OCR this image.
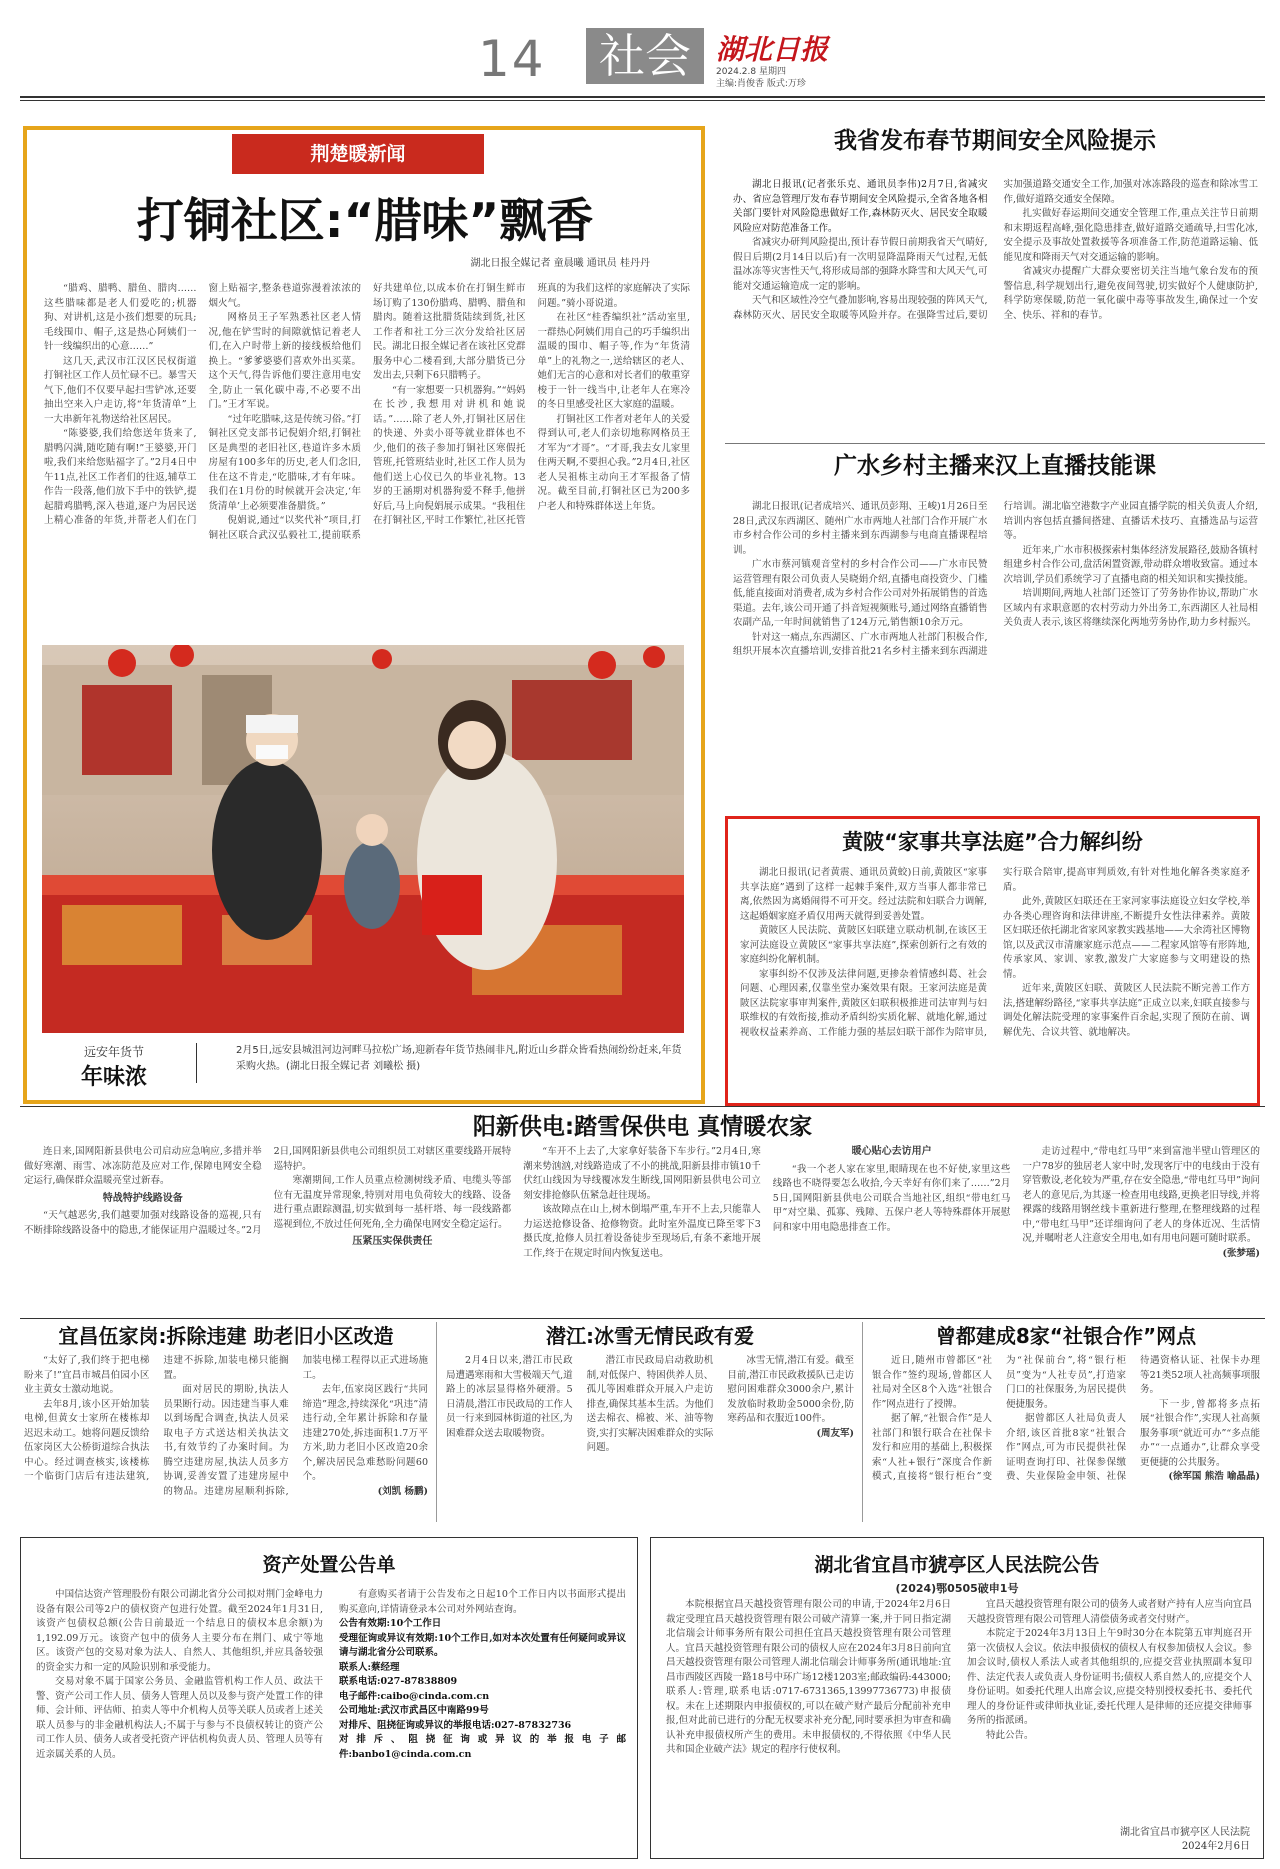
14 社会 湖北日报
2024.2.8 星期四
主编:肖俊香 版式:万珍
荆楚暖新闻
打铜社区:“腊味”飘香
湖北日报全媒记者 童晨曦 通讯员 桂丹丹

“腊鸡、腊鸭、腊鱼、腊肉……这些腊味都是老人们爱吃的;机器狗、对讲机,这是小孩们想要的玩具;毛线围巾、帽子,这是热心阿姨们一针一线编织出的心意……”

这几天,武汉市江汉区民权街道打铜社区工作人员忙碌不已。暴雪天气下,他们不仅要早起扫雪铲冰,还要抽出空来入户走访,将“年货清单”上一大串新年礼物送给社区居民。

“陈婆婆,我们给您送年货来了,腊鸭闪满,随吃随有啊!”王婆婆,开门啦,我们来给您贴福字了。”2月4日中午11点,社区工作者们的往返,辅草工作告一段落,他们放下手中的铁铲,提起腊鸡腊鸭,深入巷道,逐户为居民送上精心准备的年货,并帮老人们在门窗上贴福字,整条巷道弥漫着浓浓的烟火气。

网格员王子军熟悉社区老人情况,他在铲雪时的间隙就惦记着老人们,在入户时带上新的接线板给他们换上。“爹爹婆婆们喜欢外出买菜。这个天气,得告诉他们要注意用电安全,防止一氧化碳中毒,不必要不出门。”王才军说。

“过年吃腊味,这是传统习俗。”打铜社区党支部书记倪娟介绍,打铜社区是典型的老旧社区,巷道许多木质房屋有100多年的历史,老人们念旧,住在这不肯走,“吃腊味,才有年味。我们在1月份的时候就开会决定,‘年货清单’上必须要准备腊货。”

倪娟说,通过“以奖代补”项目,打铜社区联合武汉弘毅社工,提前联系好共建单位,以成本价在打铜生鲜市场订购了130份腊鸡、腊鸭、腊鱼和腊肉。随着这批腊货陆续到货,社区工作者和社工分三次分发给社区居民。湖北日报全媒记者在该社区党群服务中心二楼看到,大部分腊货已分发出去,只剩下6只腊鸭子。

“有一家想要一只机器狗。”“妈妈在长沙,我想用对讲机和她说话。”……除了老人外,打铜社区居住的快递、外卖小哥等就业群体也不少,他们的孩子参加打铜社区寒假托管班,托管班结业时,社区工作人员为他们送上心仪已久的毕业礼物。13岁的王涵期对机器狗爱不释手,他拼好后,马上向倪娟展示成果。“我租住在打铜社区,平时工作繁忙,社区托管班真的为我们这样的家庭解决了实际问题。”骑小哥说道。

在社区“桂香编织社”活动室里,一群热心阿姨们用自己的巧手编织出温暖的围巾、帽子等,作为“年货清单”上的礼物之一,送给辖区的老人、她们无言的心意和对长者们的敬重穿梭于一针一线当中,让老年人在寒冷的冬日里感受社区大家庭的温暖。

打铜社区工作者对老年人的关爱得到认可,老人们亲切地称网格员王才军为“才哥”。“才哥,我去女儿家里住两天啊,不要担心我。”2月4日,社区老人吴祖栋主动向王才军报备了情况。截至目前,打铜社区已为200多户老人和特殊群体送上年货。

远安年货节
年味浓
2月5日,远安县城沮河边河畔马拉松广场,迎新春年货节热闹非凡,附近山乡群众皆看热闹纷纷赶来,年货采购火热。(湖北日报全媒记者 刘曦松 摄)
我省发布春节期间安全风险提示

湖北日报讯(记者张乐克、通讯员李伟)2月7日,省减灾办、省应急管理厅发布春节期间安全风险提示,全省各地各相关部门要针对风险隐患做好工作,森林防灭火、居民安全取暖风险应对防范准备工作。

省减灾办研判风险提出,预计春节假日前期我省天气晴好,假日后期(2月14日以后)有一次明显降温降雨天气过程,无低温冰冻等灾害性天气,将形成局部的强降水降雪和大风天气,可能对交通运输造成一定的影响。

天气和区域性冷空气叠加影响,容易出现较强的阵风天气,森林防灭火、居民安全取暖等风险并存。在强降雪过后,要切实加强道路交通安全工作,加强对冰冻路段的巡查和除冰雪工作,做好道路交通安全保障。

扎实做好春运期间交通安全管理工作,重点关注节日前期和末期返程高峰,强化隐患排查,做好道路交通疏导,扫雪化冰,安全提示及事故处置救援等各项准备工作,防范道路运输、低能见度和降雨天气对交通运输的影响。

省减灾办提醒广大群众要密切关注当地气象台发布的预警信息,科学规划出行,避免夜间驾驶,切实做好个人健康防护,科学防寒保暖,防范一氧化碳中毒等事故发生,确保过一个安全、快乐、祥和的春节。

广水乡村主播来汉上直播技能课

湖北日报讯(记者成培兴、通讯员彭翔、王峻)1月26日至28日,武汉东西湖区、随州广水市两地人社部门合作开展广水市乡村合作公司的乡村主播来到东西湖参与电商直播课程培训。

广水市蔡河镇观音堂村的乡村合作公司——广水市民赞运营管理有限公司负责人吴晓娟介绍,直播电商投资少、门槛低,能直接面对消费者,成为乡村合作公司对外拓展销售的首选渠道。去年,该公司开通了抖音短视频账号,通过网络直播销售农副产品,一年时间就销售了124万元,销售额10余万元。

针对这一痛点,东西湖区、广水市两地人社部门积极合作,组织开展本次直播培训,安排首批21名乡村主播来到东西湖进行培训。湖北临空港数字产业园直播学院的相关负责人介绍,培训内容包括直播间搭建、直播话术技巧、直播选品与运营等。

近年来,广水市积极探索村集体经济发展路径,鼓励各镇村组建乡村合作公司,盘活闲置资源,带动群众增收致富。通过本次培训,学员们系统学习了直播电商的相关知识和实操技能。

培训期间,两地人社部门还签订了劳务协作协议,帮助广水区域内有求职意愿的农村劳动力外出务工,东西湖区人社局相关负责人表示,该区将继续深化两地劳务协作,助力乡村振兴。

黄陂“家事共享法庭”合力解纠纷

湖北日报讯(记者黄震、通讯员黄蛟)日前,黄陂区“家事共享法庭”遇到了这样一起棘手案件,双方当事人都非常已离,依然因为离婚闹得不可开交。经过法院和妇联合力调解,这起婚姻家庭矛盾仅用两天就得到妥善处置。

黄陂区人民法院、黄陂区妇联建立联动机制,在该区王家河法庭设立黄陂区“家事共享法庭”,探索创新行之有效的家庭纠纷化解机制。

家事纠纷不仅涉及法律问题,更掺杂着情感纠葛、社会问题、心理因素,仅靠坐堂办案效果有限。王家河法庭是黄陂区法院家事审判案件,黄陂区妇联积极推进司法审判与妇联维权的有效衔接,推动矛盾纠纷实质化解、就地化解,通过视收权益素养高、工作能力强的基层妇联干部作为陪审员,实行联合陪审,提高审判质效,有针对性地化解各类家庭矛盾。

此外,黄陂区妇联还在王家河家事法庭设立妇女学校,举办各类心理咨询和法律讲座,不断提升女性法律素养。黄陂区妇联还依托湖北省家风家教实践基地——大余湾社区博物馆,以及武汉市清廉家庭示范点——二程家风馆等有形阵地,传承家风、家训、家教,激发广大家庭参与文明建设的热情。

近年来,黄陂区妇联、黄陂区人民法院不断完善工作方法,搭建解纷路径,“家事共享法庭”正成立以来,妇联直接参与调处化解法院受理的家事案件百余起,实现了预防在前、调解优先、合议共管、就地解决。

阳新供电:踏雪保供电 真情暖农家

连日来,国网阳新县供电公司启动应急响应,多措并举做好寒潮、雨雪、冰冻防范及应对工作,保障电网安全稳定运行,确保群众温暖亮堂过新春。

特战特护线路设备

“天气越恶劣,我们越要加强对线路设备的巡视,只有不断排除线路设备中的隐患,才能保证用户温暖过冬。”2月2日,国网阳新县供电公司组织员工对辖区重要线路开展特巡特护。

寒潮期间,工作人员重点检测树线矛盾、电缆头等部位有无温度异常现象,特别对用电负荷较大的线路、设备进行重点跟踪测温,切实做到每一基杆塔、每一段线路都巡视到位,不放过任何死角,全力确保电网安全稳定运行。

压紧压实保供责任

“车开不上去了,大家拿好装备下车步行。”2月4日,寒潮来势汹汹,对线路造成了不小的挑战,阳新县排市镇10千伏红山线因为导线覆冰发生断线,国网阳新县供电公司立刻安排抢修队伍紧急赶往现场。

该故障点在山上,树木倒塌严重,车开不上去,只能靠人力运送抢修设备、抢修物资。此时室外温度已降至零下3摄氏度,抢修人员扛着设备徒步至现场后,有条不紊地开展工作,终于在规定时间内恢复送电。

暖心贴心去访用户

“我一个老人家在家里,眼睛现在也不好使,家里这些线路也不晓得要怎么收拾,今天幸好有你们来了……”2月5日,国网阳新县供电公司联合当地社区,组织“带电红马甲”对空巢、孤寡、残障、五保户老人等特殊群体开展慰问和家中用电隐患排查工作。

走访过程中,“带电红马甲”来到富池半壁山管理区的一户78岁的独居老人家中时,发现客厅中的电线由于没有穿管敷设,老化较为严重,存在安全隐患,“带电红马甲”询问老人的意见后,为其逐一检查用电线路,更换老旧导线,并将裸露的线路用钢丝线卡重新进行整理,在整理线路的过程中,“带电红马甲”还详细询问了老人的身体近况、生活情况,并嘱咐老人注意安全用电,如有用电问题可随时联系。

(张梦瑶)

宜昌伍家岗:拆除违建 助老旧小区改造

“太好了,我们终于把电梯盼来了!”宜昌市城昌伯园小区业主黄女士激动地说。

去年8月,该小区开始加装电梯,但黄女士家所在楼栋却迟迟未动工。她将问题反馈给伍家岗区大公桥街道综合执法中心。经过调查核实,该楼栋一个临街门店后有违法建筑,违建不拆除,加装电梯只能搁置。

面对居民的期盼,执法人员果断行动。因违建当事人难以到场配合调查,执法人员采取电子方式送达相关执法文书,有效节约了办案时间。为腾空违建房屋,执法人员多方协调,妥善安置了违建房屋中的物品。违建房屋顺利拆除,加装电梯工程得以正式进场施工。

去年,伍家岗区践行“共同缔造”理念,持续深化“巩违”清违行动,全年累计拆除和存量违建270处,拆违面积1.7万平方米,助力老旧小区改造20余个,解决居民急难愁盼问题60个。

(刘凯 杨鹏)

潜江:冰雪无情民政有爱

2月4日以来,潜江市民政局遭遇寒雨和大雪极端天气,道路上的冰层显得格外硬滑。5日清晨,潜江市民政局的工作人员一行来到园林街道的社区,为困难群众送去取暖物资。

潜江市民政局启动救助机制,对低保户、特困供养人员、孤儿等困难群众开展入户走访排查,确保其基本生活。为他们送去棉衣、棉被、米、油等物资,实打实解决困难群众的实际问题。

冰雪无情,潜江有爱。截至目前,潜江市民政救援队已走访慰问困难群众3000余户,累计发放临时救助金5000余份,防寒药品和衣服近100件。

(周友军)

曾都建成8家“社银合作”网点

近日,随州市曾都区“社银合作”签约现场,曾都区人社局对全区8个入选“社银合作”网点进行了授牌。

据了解,“社银合作”是人社部门和银行联合在社保卡发行和应用的基础上,积极探索“人社+银行”深度合作新模式,直接将“银行柜台”变为“社保前台”,将“银行柜员”变为“人社专员”,打造家门口的社保服务,为居民提供便捷服务。

据曾都区人社局负责人介绍,该区首批8家“社银合作”网点,可为市民提供社保证明查询打印、社保参保缴费、失业保险金申领、社保待遇资格认证、社保卡办理等21类52项人社高频事项服务。

下一步,曾都将多点拓展“社银合作”,实现人社高频服务事项“就近可办”“多点能办”“一点通办”,让群众享受更便捷的公共服务。

(徐军国 熊浩 喻晶晶)

资产处置公告单

中国信达资产管理股份有限公司湖北省分公司拟对荆门金峰电力设备有限公司等2户的债权资产包进行处置。截至2024年1月31日,该资产包债权总额(公告日前最近一个结息日的债权本息余额)为1,192.09万元。该资产包中的债务人主要分布在荆门、咸宁等地区。该资产包的交易对象为法人、自然人、其他组织,并应具备较强的资金实力和一定的风险识别和承受能力。

交易对象不属于国家公务员、金融监管机构工作人员、政法干警、资产公司工作人员、债务人管理人员以及参与资产处置工作的律师、会计师、评估师、拍卖人等中介机构人员等关联人员或者上述关联人员参与的非金融机构法人;不属于与参与不良债权转让的资产公司工作人员、债务人或者受托资产评估机构负责人员、管理人员等有近亲属关系的人员。

有意购买者请于公告发布之日起10个工作日内以书面形式提出购买意向,详情请登录本公司对外网站查询。

公告有效期:10个工作日

受理征询或异议有效期:10个工作日,如对本次处置有任何疑问或异议请与湖北省分公司联系。

联系人:蔡经理

联系电话:027-87838809

电子邮件:caibo@cinda.com.cn

公司地址:武汉市武昌区中南路99号

对排斥、阻挠征询或异议的举报电话:027-87832736

对排斥、阻挠征询或异议的举报电子邮件:banbo1@cinda.com.cn

湖北省宜昌市猇亭区人民法院公告
(2024)鄂0505破申1号

本院根据宜昌天越投资管理有限公司的申请,于2024年2月6日裁定受理宜昌天越投资管理有限公司破产清算一案,并于同日指定湖北信瑞会计师事务所有限公司担任宜昌天越投资管理有限公司管理人。宜昌天越投资管理有限公司的债权人应在2024年3月8日前向宜昌天越投资管理有限公司管理人湖北信瑞会计师事务所(通讯地址:宜昌市西陵区西陵一路18号中环广场12楼1203室;邮政编码:443000;联系人:管理,联系电话:0717-6731365,13997736773)申报债权。未在上述期限内申报债权的,可以在破产财产最后分配前补充申报,但对此前已进行的分配无权要求补充分配,同时要承担为审查和确认补充申报债权所产生的费用。未申报债权的,不得依照《中华人民共和国企业破产法》规定的程序行使权利。

宜昌天越投资管理有限公司的债务人或者财产持有人应当向宜昌天越投资管理有限公司管理人清偿债务或者交付财产。

本院定于2024年3月13日上午9时30分在本院第五审判庭召开第一次债权人会议。依法申报债权的债权人有权参加债权人会议。参加会议时,债权人系法人或者其他组织的,应提交营业执照副本复印件、法定代表人或负责人身份证明书;债权人系自然人的,应提交个人身份证明。如委托代理人出席会议,应提交特别授权委托书、委托代理人的身份证件或律师执业证,委托代理人是律师的还应提交律师事务所的指派函。

特此公告。

湖北省宜昌市猇亭区人民法院
2024年2月6日
